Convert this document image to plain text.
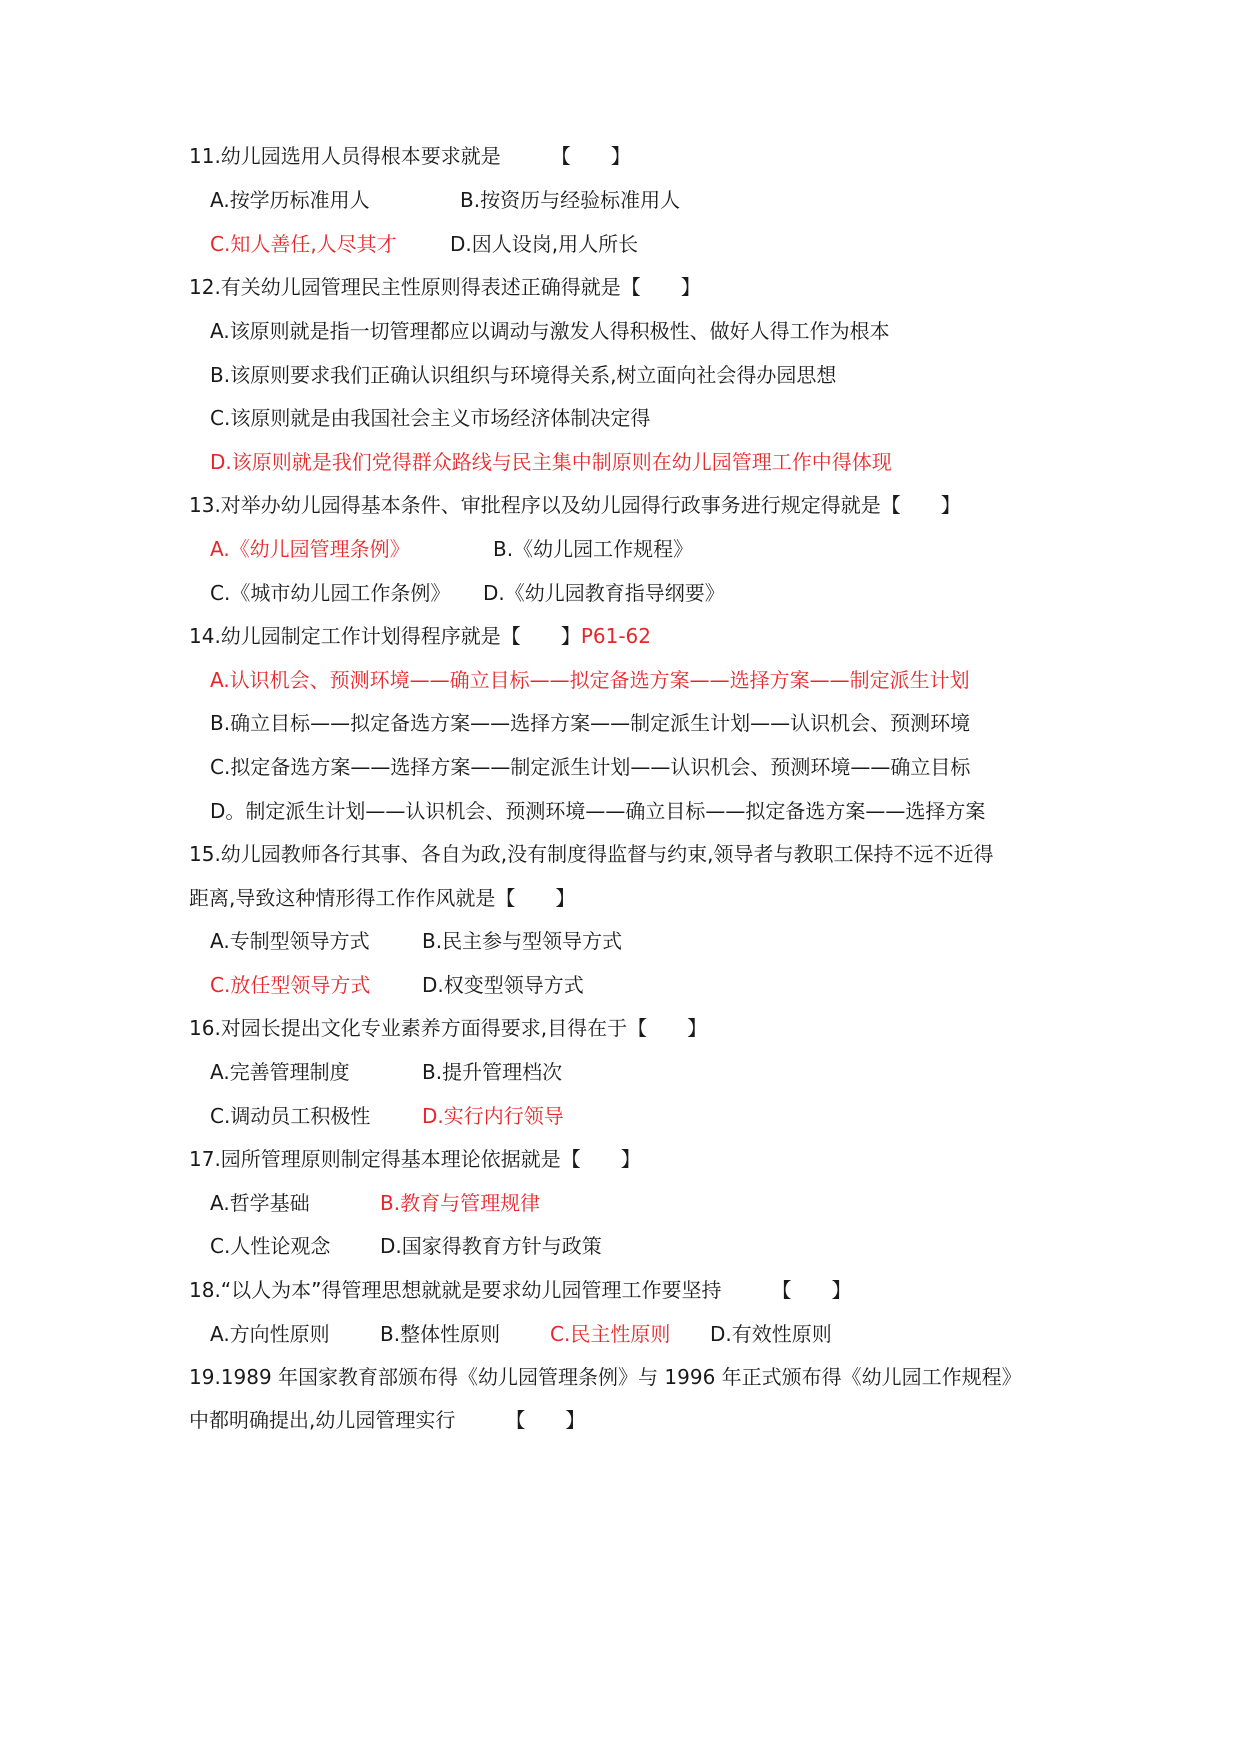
11.幼儿园选用人员得根本要求就是　　　【　　】
A.按学历标准用人	B.按资历与经验标准用人
C.知人善任,人尽其才	D.因人设岗,用人所长
12.有关幼儿园管理民主性原则得表述正确得就是【　　】
A.该原则就是指一切管理都应以调动与激发人得积极性、做好人得工作为根本
B.该原则要求我们正确认识组织与环境得关系,树立面向社会得办园思想
C.该原则就是由我国社会主义市场经济体制决定得
D.该原则就是我们党得群众路线与民主集中制原则在幼儿园管理工作中得体现
13.对举办幼儿园得基本条件、审批程序以及幼儿园得行政事务进行规定得就是【　　】
A.《幼儿园管理条例》	B.《幼儿园工作规程》
C.《城市幼儿园工作条例》 D.《幼儿园教育指导纲要》
14.幼儿园制定工作计划得程序就是【　　】P61-62
A.认识机会、预测环境——确立目标——拟定备选方案——选择方案——制定派生计划
B.确立目标——拟定备选方案——选择方案——制定派生计划——认识机会、预测环境
C.拟定备选方案——选择方案——制定派生计划——认识机会、预测环境——确立目标
D。制定派生计划——认识机会、预测环境——确立目标——拟定备选方案——选择方案
15.幼儿园教师各行其事、各自为政,没有制度得监督与约束,领导者与教职工保持不远不近得
距离,导致这种情形得工作作风就是【　　】
A.专制型领导方式	B.民主参与型领导方式
C.放任型领导方式	D.权变型领导方式
16.对园长提出文化专业素养方面得要求,目得在于【　　】
A.完善管理制度	B.提升管理档次
C.调动员工积极性	D.实行内行领导
17.园所管理原则制定得基本理论依据就是【　　】
A.哲学基础	B.教育与管理规律
C.人性论观念 D.国家得教育方针与政策
18.“以人为本”得管理思想就就是要求幼儿园管理工作要坚持　　　【　　】
A.方向性原则	B.整体性原则 C.民主性原则 D.有效性原则
19.1989 年国家教育部颁布得《幼儿园管理条例》与 1996 年正式颁布得《幼儿园工作规程》
中都明确提出,幼儿园管理实行　　　【　　】
